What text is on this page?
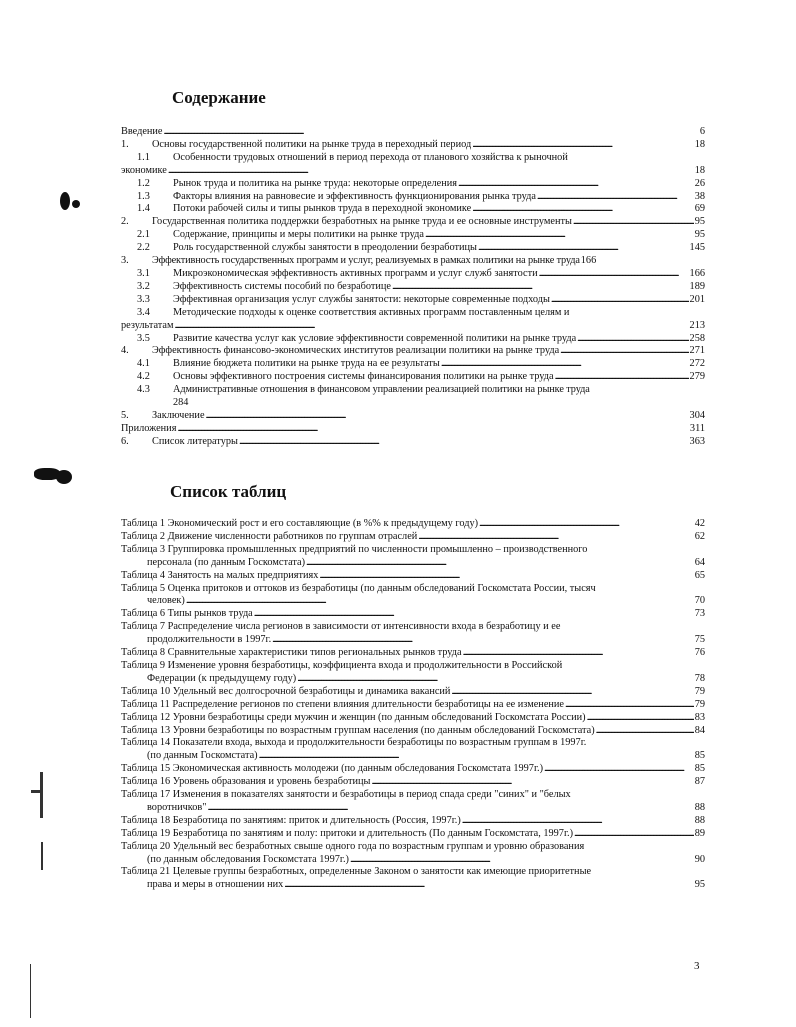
Содержание
Введение . . .	6
1.	Основы государственной политики на рынке труда в переходный период . . .	18
1.1	Особенности трудовых отношений в период перехода от планового хозяйства к рыночной
экономике . . .	18
1.2	Рынок труда и политика на рынке труда: некоторые определения . . .	26
1.3	Факторы влияния на равновесие и эффективность функционирования рынка труда . . .	38
1.4	Потоки рабочей силы и типы рынков труда в переходной экономике . . .	69
2.	Государственная политика поддержки безработных на рынке труда и ее основные инструменты . . .	95
2.1	Содержание, принципы и меры политики на рынке труда . . .	95
2.2	Роль государственной службы занятости в преодолении безработицы . . .	145
3.	Эффективность государственных программ и услуг, реализуемых в рамках политики на рынке труда 166
3.1	Микроэкономическая эффективность активных программ и услуг служб занятости . . .	166
3.2	Эффективность системы пособий по безработице . . .	189
3.3	Эффективная организация услуг службы занятости: некоторые современные подходы . . .	201
3.4	Методические подходы к оценке соответствия активных программ поставленным целям и
результатам . . .	213
3.5	Развитие качества услуг как условие эффективности современной политики на рынке труда . . .	258
4.	Эффективность финансово-экономических институтов реализации политики на рынке труда . . .	271
4.1	Влияние бюджета политики на рынке труда на ее результаты . . .	272
4.2	Основы эффективного построения системы финансирования политики на рынке труда . . .	279
4.3	Административные отношения в финансовом управлении реализацией политики на рынке труда
284
5.	Заключение . . .	304
Приложения . . .	311
6.	Список литературы . . .	363
Список таблиц
Таблица 1 Экономический рост и его составляющие (в %% к предыдущему году) . . .	42
Таблица 2 Движение численности работников по группам отраслей . . .	62
Таблица 3 Группировка промышленных предприятий по численности промышленно – производственного
персонала (по данным Госкомстата) . . .	64
Таблица 4 Занятость на малых предприятиях . . .	65
Таблица 5 Оценка притоков и оттоков из безработицы (по данным обследований Госкомстата России, тысяч
человек) . . .	70
Таблица 6 Типы рынков труда . . .	73
Таблица 7 Распределение числа регионов в зависимости от интенсивности входа в безработицу и ее
продолжительности в 1997г. . . .	75
Таблица 8 Сравнительные характеристики типов региональных рынков труда . . .	76
Таблица 9 Изменение уровня безработицы, коэффициента входа и продолжительности в Российской
Федерации (к предыдущему году) . . .	78
Таблица 10 Удельный вес долгосрочной безработицы и динамика вакансий . . .	79
Таблица 11 Распределение регионов по степени влияния длительности безработицы на ее изменение . . .	79
Таблица 12 Уровни безработицы среди мужчин и женщин (по данным обследований Госкомстата России) . . .	83
Таблица 13 Уровни безработицы по возрастным группам населения (по данным обследований Госкомстата) . . .	84
Таблица 14 Показатели входа, выхода и продолжительности безработицы по возрастным группам в 1997г.
(по данным Госкомстата) . . .	85
Таблица 15 Экономическая активность молодежи (по данным обследования Госкомстата 1997г.) . . .	85
Таблица 16 Уровень образования и уровень безработицы . . .	87
Таблица 17 Изменения в показателях занятости и безработицы в период спада среди "синих" и "белых
воротничков" . . .	88
Таблица 18 Безработица по занятиям: приток и длительность (Россия, 1997г.) . . .	88
Таблица 19 Безработица по занятиям и полу: притоки и длительность (По данным Госкомстата, 1997г.) . . .	89
Таблица 20 Удельный вес безработных свыше одного года по возрастным группам и уровню образования
(по данным обследования Госкомстата 1997г.) . . .	90
Таблица 21 Целевые группы безработных, определенные Законом о занятости как имеющие приоритетные
права и меры в отношении них . . .	95
3
